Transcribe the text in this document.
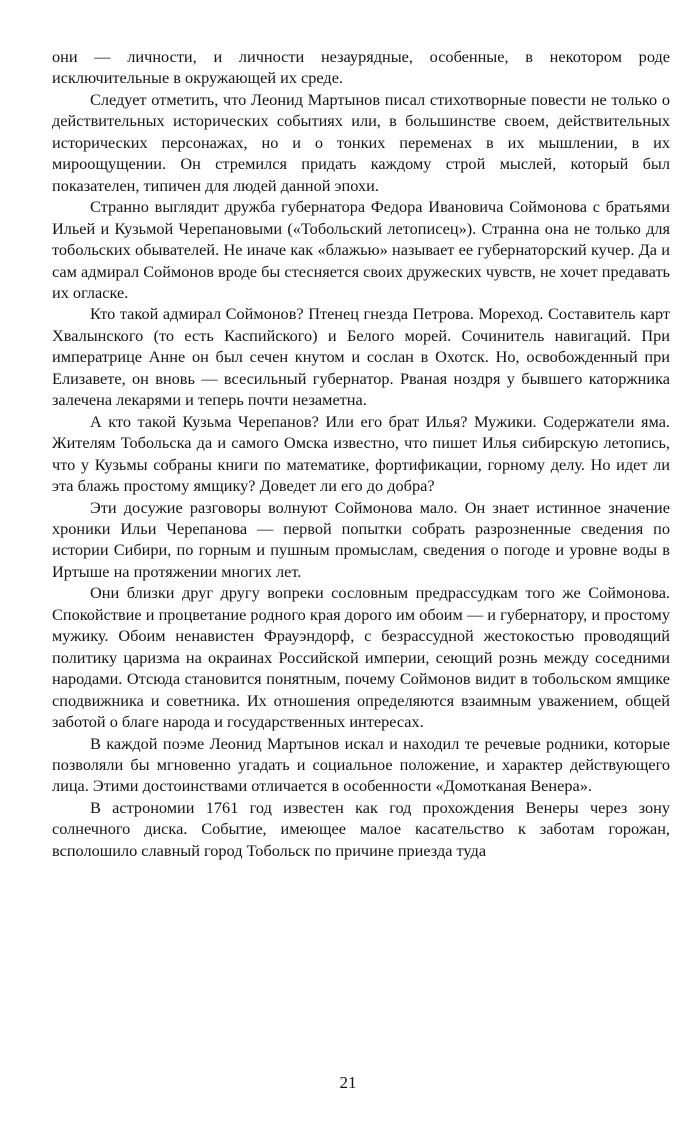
они — личности, и личности незаурядные, особенные, в некотором роде исключительные в окружающей их среде.

Следует отметить, что Леонид Мартынов писал стихотворные повести не только о действительных исторических событиях или, в большинстве своем, действительных исторических персонажах, но и о тонких переменах в их мышлении, в их мироощущении. Он стремился придать каждому строй мыслей, который был показателен, типичен для людей данной эпохи.

Странно выглядит дружба губернатора Федора Ивановича Соймонова с братьями Ильей и Кузьмой Черепановыми («Тобольский летописец»). Странна она не только для тобольских обывателей. Не иначе как «блажью» называет ее губернаторский кучер. Да и сам адмирал Соймонов вроде бы стесняется своих дружеских чувств, не хочет предавать их огласке.

Кто такой адмирал Соймонов? Птенец гнезда Петрова. Мореход. Составитель карт Хвалынского (то есть Каспийского) и Белого морей. Сочинитель навигаций. При императрице Анне он был сечен кнутом и сослан в Охотск. Но, освобожденный при Елизавете, он вновь — всесильный губернатор. Рваная ноздря у бывшего каторжника залечена лекарями и теперь почти незаметна.

А кто такой Кузьма Черепанов? Или его брат Илья? Мужики. Содержатели яма. Жителям Тобольска да и самого Омска известно, что пишет Илья сибирскую летопись, что у Кузьмы собраны книги по математике, фортификации, горному делу. Но идет ли эта блажь простому ямщику? Доведет ли его до добра?

Эти досужие разговоры волнуют Соймонова мало. Он знает истинное значение хроники Ильи Черепанова — первой попытки собрать разрозненные сведения по истории Сибири, по горным и пушным промыслам, сведения о погоде и уровне воды в Иртыше на протяжении многих лет.

Они близки друг другу вопреки сословным предрассудкам того же Соймонова. Спокойствие и процветание родного края дорого им обоим — и губернатору, и простому мужику. Обоим ненавистен Фрауэндорф, с безрассудной жестокостью проводящий политику царизма на окраинах Российской империи, сеющий рознь между соседними народами. Отсюда становится понятным, почему Соймонов видит в тобольском ямщике сподвижника и советника. Их отношения определяются взаимным уважением, общей заботой о благе народа и государственных интересах.

В каждой поэме Леонид Мартынов искал и находил те речевые родники, которые позволяли бы мгновенно угадать и социальное положение, и характер действующего лица. Этими достоинствами отличается в особенности «Домотканая Венера».

В астрономии 1761 год известен как год прохождения Венеры через зону солнечного диска. Событие, имеющее малое касательство к заботам горожан, всполошило славный город Тобольск по причине приезда туда

21
